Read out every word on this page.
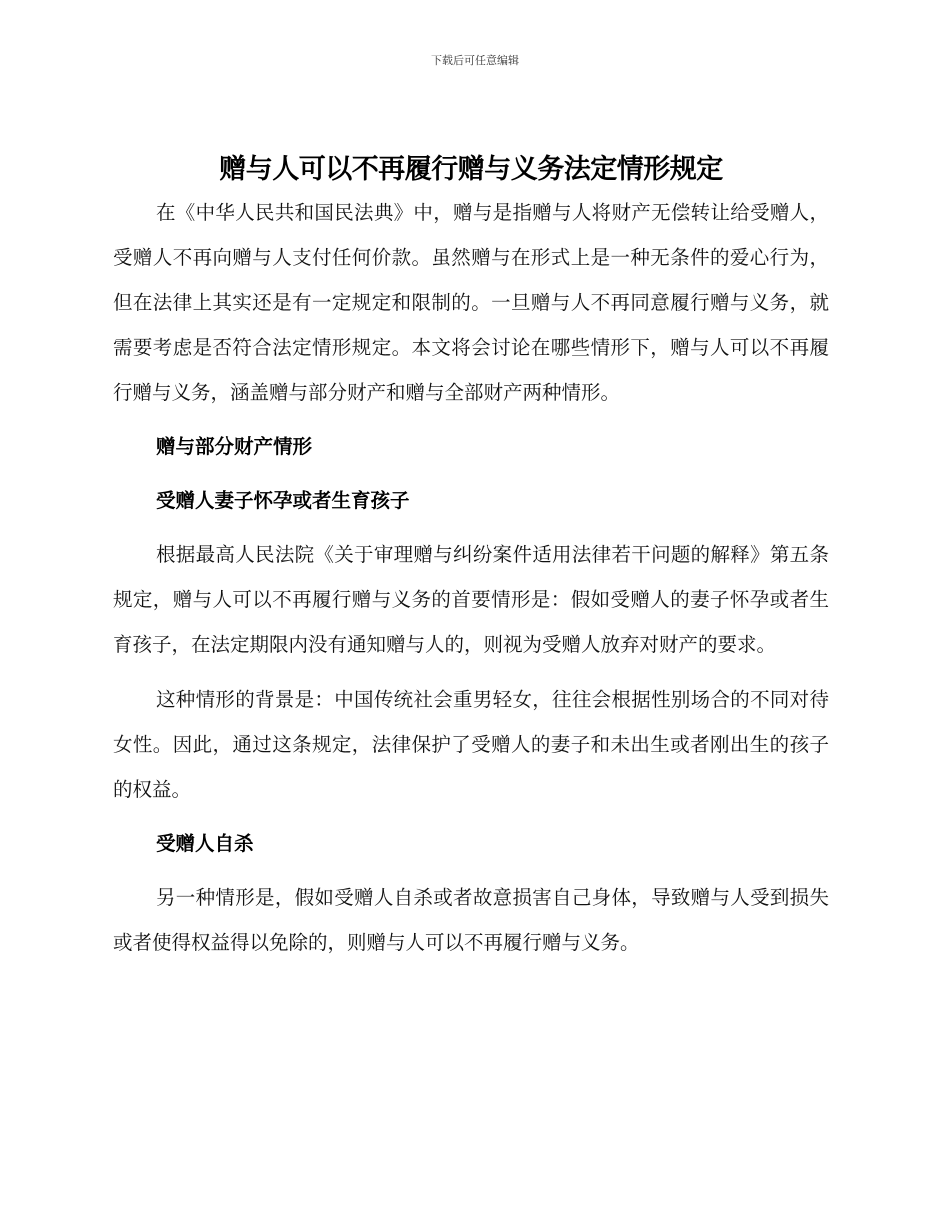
下载后可任意编辑
赠与人可以不再履行赠与义务法定情形规定

在《中华人民共和国民法典》中，赠与是指赠与人将财产无偿转让给受赠人，受赠人不再向赠与人支付任何价款。虽然赠与在形式上是一种无条件的爱心行为，但在法律上其实还是有一定规定和限制的。一旦赠与人不再同意履行赠与义务，就需要考虑是否符合法定情形规定。本文将会讨论在哪些情形下，赠与人可以不再履行赠与义务，涵盖赠与部分财产和赠与全部财产两种情形。

赠与部分财产情形

受赠人妻子怀孕或者生育孩子

根据最高人民法院《关于审理赠与纠纷案件适用法律若干问题的解释》第五条规定，赠与人可以不再履行赠与义务的首要情形是：假如受赠人的妻子怀孕或者生育孩子，在法定期限内没有通知赠与人的，则视为受赠人放弃对财产的要求。

这种情形的背景是：中国传统社会重男轻女，往往会根据性别场合的不同对待女性。因此，通过这条规定，法律保护了受赠人的妻子和未出生或者刚出生的孩子的权益。

受赠人自杀

另一种情形是，假如受赠人自杀或者故意损害自己身体，导致赠与人受到损失或者使得权益得以免除的，则赠与人可以不再履行赠与义务。
